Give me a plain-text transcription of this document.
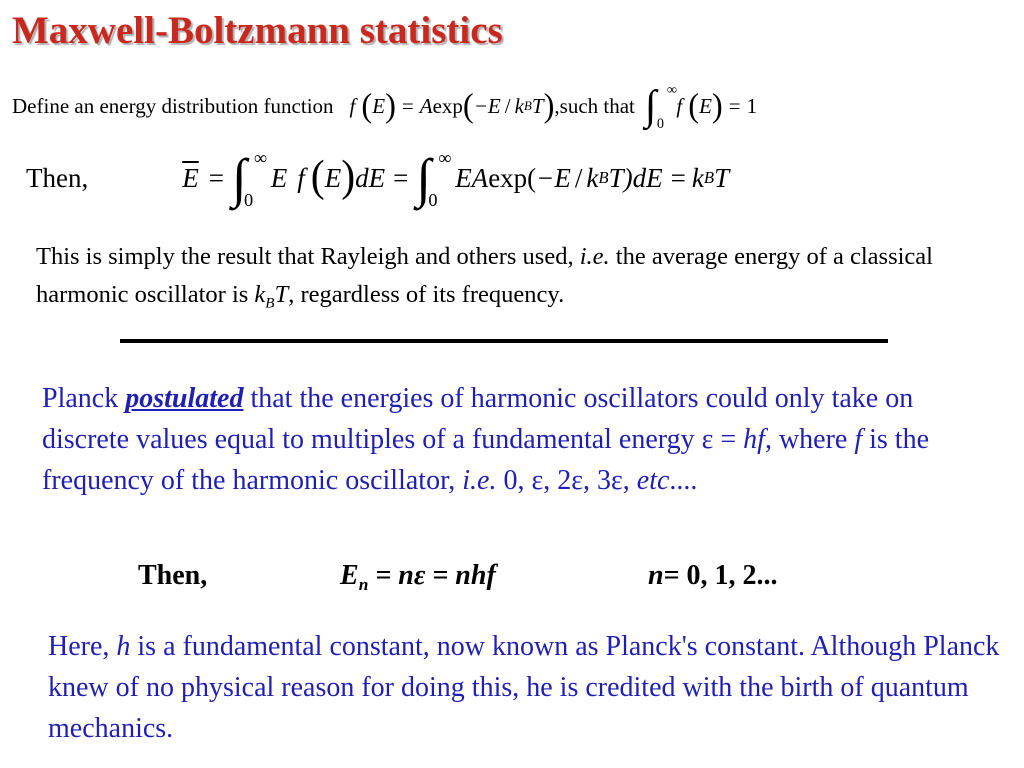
Maxwell-Boltzmann statistics
Define an energy distribution function f ( E ) = A exp ( −E / k B T ) ,such that ∫ ∞
0
f ( E ) = 1
Then,	$\overline{E}$ = ∫ ∞
0
E f ( E ) dE = ∫ ∞
0
EA exp( −E / k B T )dE = k B T
This is simply the result that Rayleigh and others used, i.e. the average energy of a classical harmonic oscillator is $k_BT$, regardless of its frequency.
Planck postulated that the energies of harmonic oscillators could only take on discrete values equal to multiples of a fundamental energy ε = hf, where f is the frequency of the harmonic oscillator, i.e. 0, ε, 2ε, 3ε, etc....
Then,	$E_n = n\varepsilon$ = nhf	n = 0, 1, 2...
Here, h is a fundamental constant, now known as Planck's constant. Although Planck knew of no physical reason for doing this, he is credited with the birth of quantum mechanics.
